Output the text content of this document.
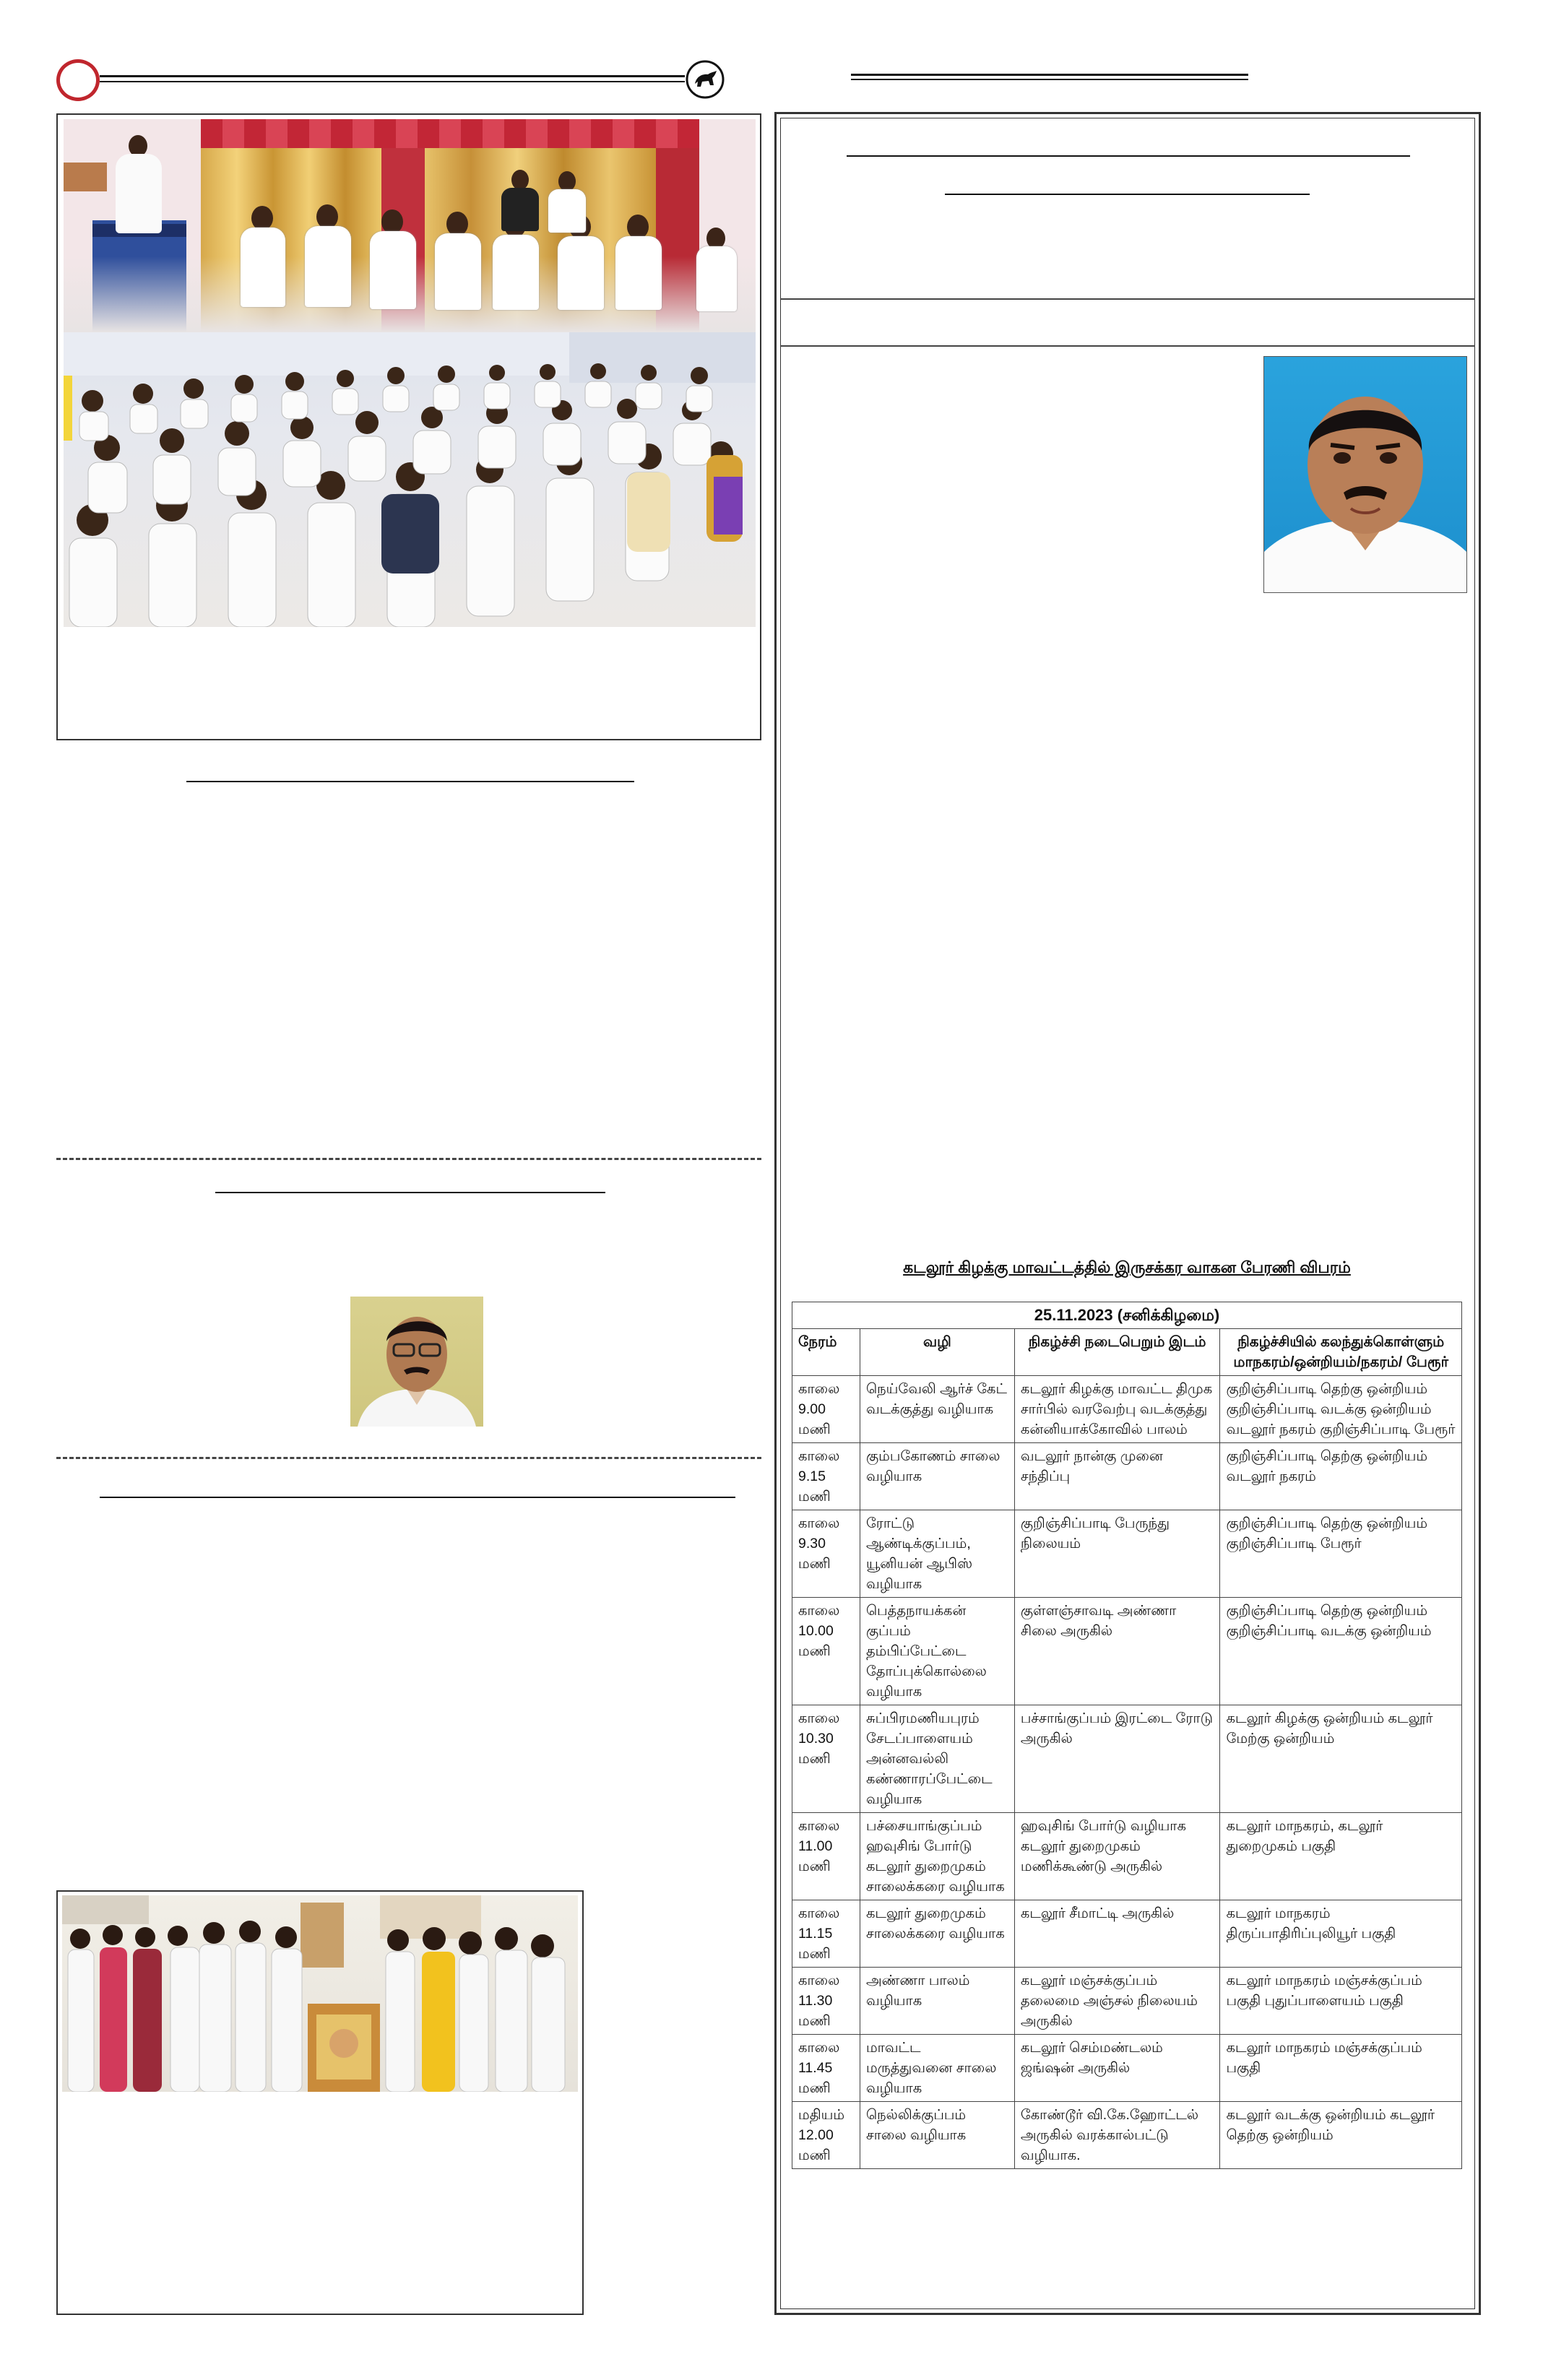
கடலூர் கிழக்கு மாவட்டத்தில் இருசக்கர வாகன பேரணி விபரம்
25.11.2023 (சனிக்கிழமை)			
நேரம்	வழி	நிகழ்ச்சி நடைபெறும் இடம்	நிகழ்ச்சியில் கலந்துக்கொள்ளும் மாநகரம்/ஒன்றியம்/நகரம்/ பேரூர்
காலை 9.00 மணி	நெய்வேலி ஆர்ச் கேட் வடக்குத்து வழியாக	கடலூர் கிழக்கு மாவட்ட திமுக சார்பில் வரவேற்பு வடக்குத்து கன்னியாக்கோவில் பாலம்	குறிஞ்சிப்பாடி தெற்கு ஒன்றியம் குறிஞ்சிப்பாடி வடக்கு ஒன்றியம் வடலூர் நகரம் குறிஞ்சிப்பாடி பேரூர்
காலை 9.15 மணி	கும்பகோணம் சாலை வழியாக	வடலூர் நான்கு முனை சந்திப்பு	குறிஞ்சிப்பாடி தெற்கு ஒன்றியம் வடலூர் நகரம்
காலை 9.30 மணி	ரோட்டு ஆண்டிக்குப்பம், யூனியன் ஆபிஸ் வழியாக	குறிஞ்சிப்பாடி பேருந்து நிலையம்	குறிஞ்சிப்பாடி தெற்கு ஒன்றியம் குறிஞ்சிப்பாடி பேரூர்
காலை 10.00 மணி	பெத்தநாயக்கன் குப்பம் தம்பிப்பேட்டை தோப்புக்கொல்லை வழியாக	குள்ளஞ்சாவடி அண்ணா சிலை அருகில்	குறிஞ்சிப்பாடி தெற்கு ஒன்றியம் குறிஞ்சிப்பாடி வடக்கு ஒன்றியம்
காலை 10.30 மணி	சுப்பிரமணியபுரம் சேடப்பாளையம் அன்னவல்லி கண்ணாரப்பேட்டை வழியாக	பச்சாங்குப்பம் இரட்டை ரோடு அருகில்	கடலூர் கிழக்கு ஒன்றியம் கடலூர் மேற்கு ஒன்றியம்
காலை 11.00 மணி	பச்சையாங்குப்பம் ஹவுசிங் போர்டு கடலூர் துறைமுகம் சாலைக்கரை வழியாக	ஹவுசிங் போர்டு வழியாக கடலூர் துறைமுகம் மணிக்கூண்டு அருகில்	கடலூர் மாநகரம், கடலூர் துறைமுகம் பகுதி
காலை 11.15 மணி	கடலூர் துறைமுகம் சாலைக்கரை வழியாக	கடலூர் சீமாட்டி அருகில்	கடலூர் மாநகரம் திருப்பாதிரிப்புலியூர் பகுதி
காலை 11.30 மணி	அண்ணா பாலம் வழியாக	கடலூர் மஞ்சக்குப்பம் தலைமை அஞ்சல் நிலையம் அருகில்	கடலூர் மாநகரம் மஞ்சக்குப்பம் பகுதி புதுப்பாளையம் பகுதி
காலை 11.45 மணி	மாவட்ட மருத்துவனை சாலை வழியாக	கடலூர் செம்மண்டலம் ஜங்ஷன் அருகில்	கடலூர் மாநகரம் மஞ்சக்குப்பம் பகுதி
மதியம் 12.00 மணி	நெல்லிக்குப்பம் சாலை வழியாக	கோண்டூர் வி.கே.ஹோட்டல் அருகில் வரக்கால்பட்டு வழியாக.	கடலூர் வடக்கு ஒன்றியம் கடலூர் தெற்கு ஒன்றியம்
